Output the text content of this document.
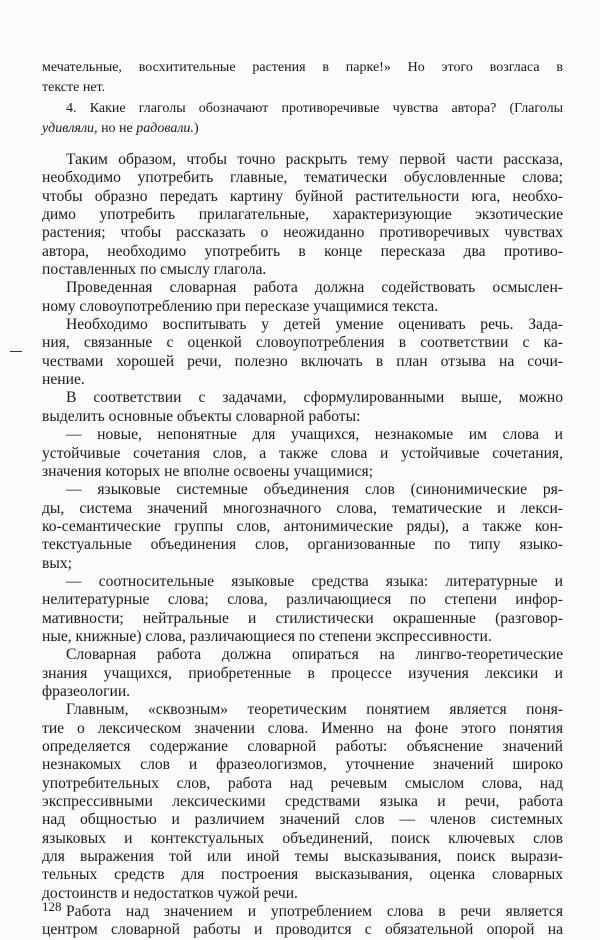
мечательные, восхитительные растения в парке!» Но этого возгласа в
тексте нет.
4. Какие глаголы обозначают противоречивые чувства автора? (Глаголы
удивляли, но не радовали.)
Таким образом, чтобы точно раскрыть тему первой части рассказа,
необходимо употребить главные, тематически обусловленные слова;
чтобы образно передать картину буйной растительности юга, необхо-
димо употребить прилагательные, характеризующие экзотические
растения; чтобы рассказать о неожиданно противоречивых чувствах
автора, необходимо употребить в конце пересказа два противо-
поставленных по смыслу глагола.
Проведенная словарная работа должна содействовать осмыслен-
ному словоупотреблению при пересказе учащимися текста.
Необходимо воспитывать у детей умение оценивать речь. Зада-
ния, связанные с оценкой словоупотребления в соответствии с ка-
чествами хорошей речи, полезно включать в план отзыва на сочи-
нение.
В соответствии с задачами, сформулированными выше, можно
выделить основные объекты словарной работы:
— новые, непонятные для учащихся, незнакомые им слова и
устойчивые сочетания слов, а также слова и устойчивые сочетания,
значения которых не вполне освоены учащимися;
— языковые системные объединения слов (синонимические ря-
ды, система значений многозначного слова, тематические и лекси-
ко-семантические группы слов, антонимические ряды), а также кон-
текстуальные объединения слов, организованные по типу языко-
вых;
— соотносительные языковые средства языка: литературные и
нелитературные слова; слова, различающиеся по степени инфор-
мативности; нейтральные и стилистически окрашенные (разговор-
ные, книжные) слова, различающиеся по степени экспрессивности.
Словарная работа должна опираться на лингво-теоретические
знания учащихся, приобретенные в процессе изучения лексики и
фразеологии.
Главным, «сквозным» теоретическим понятием является поня-
тие о лексическом значении слова. Именно на фоне этого понятия
определяется содержание словарной работы: объяснение значений
незнакомых слов и фразеологизмов, уточнение значений широко
употребительных слов, работа над речевым смыслом слова, над
экспрессивными лексическими средствами языка и речи, работа
над общностью и различием значений слов — членов системных
языковых и контекстуальных объединений, поиск ключевых слов
для выражения той или иной темы высказывания, поиск вырази-
тельных средств для построения высказывания, оценка словарных
достоинств и недостатков чужой речи.
Работа над значением и употреблением слова в речи является
центром словарной работы и проводится с обязательной опорой на
128
